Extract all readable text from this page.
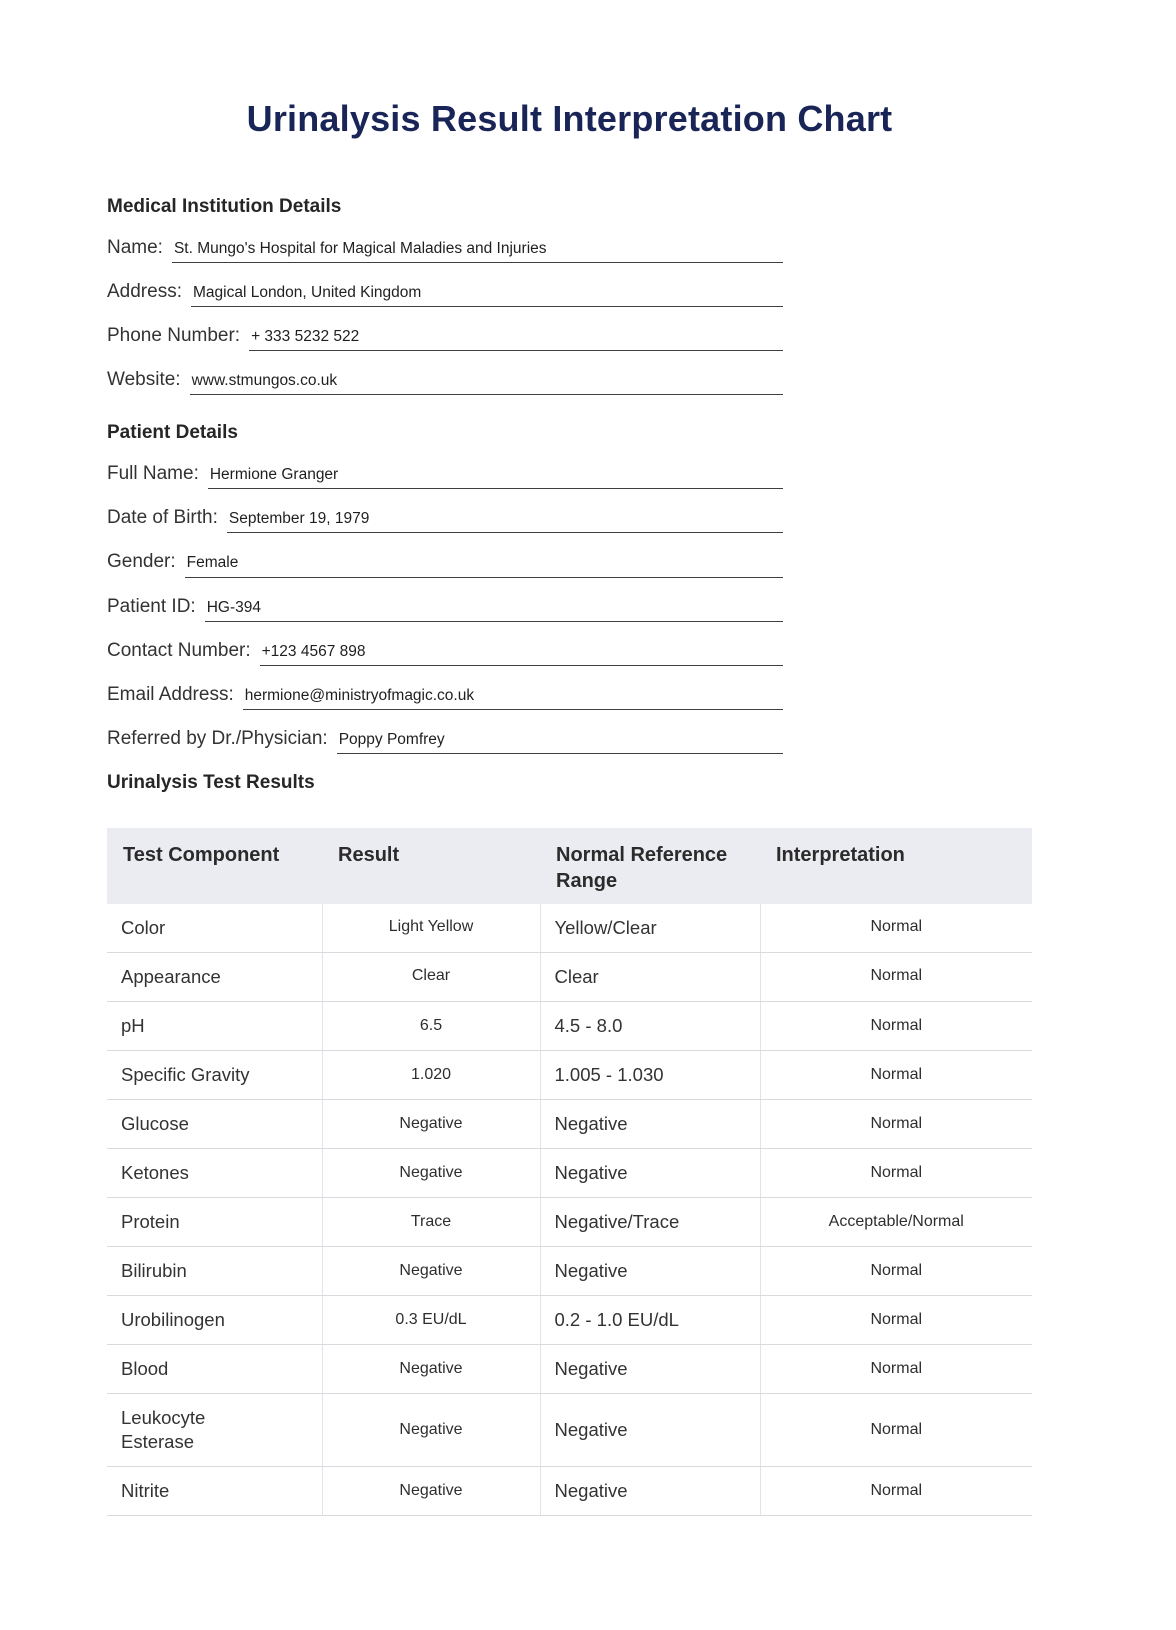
Urinalysis Result Interpretation Chart
Medical Institution Details
Name: St. Mungo's Hospital for Magical Maladies and Injuries
Address: Magical London, United Kingdom
Phone Number: + 333 5232 522
Website: www.stmungos.co.uk
Patient Details
Full Name: Hermione Granger
Date of Birth: September 19, 1979
Gender: Female
Patient ID: HG-394
Contact Number: +123 4567 898
Email Address: hermione@ministryofmagic.co.uk
Referred by Dr./Physician: Poppy Pomfrey
Urinalysis Test Results
Test Component	Result	Normal Reference Range	Interpretation
Color	Light Yellow	Yellow/Clear	Normal
Appearance	Clear	Clear	Normal
pH	6.5	4.5 - 8.0	Normal
Specific Gravity	1.020	1.005 - 1.030	Normal
Glucose	Negative	Negative	Normal
Ketones	Negative	Negative	Normal
Protein	Trace	Negative/Trace	Acceptable/Normal
Bilirubin	Negative	Negative	Normal
Urobilinogen	0.3 EU/dL	0.2 - 1.0 EU/dL	Normal
Blood	Negative	Negative	Normal
Leukocyte Esterase	Negative	Negative	Normal
Nitrite	Negative	Negative	Normal
